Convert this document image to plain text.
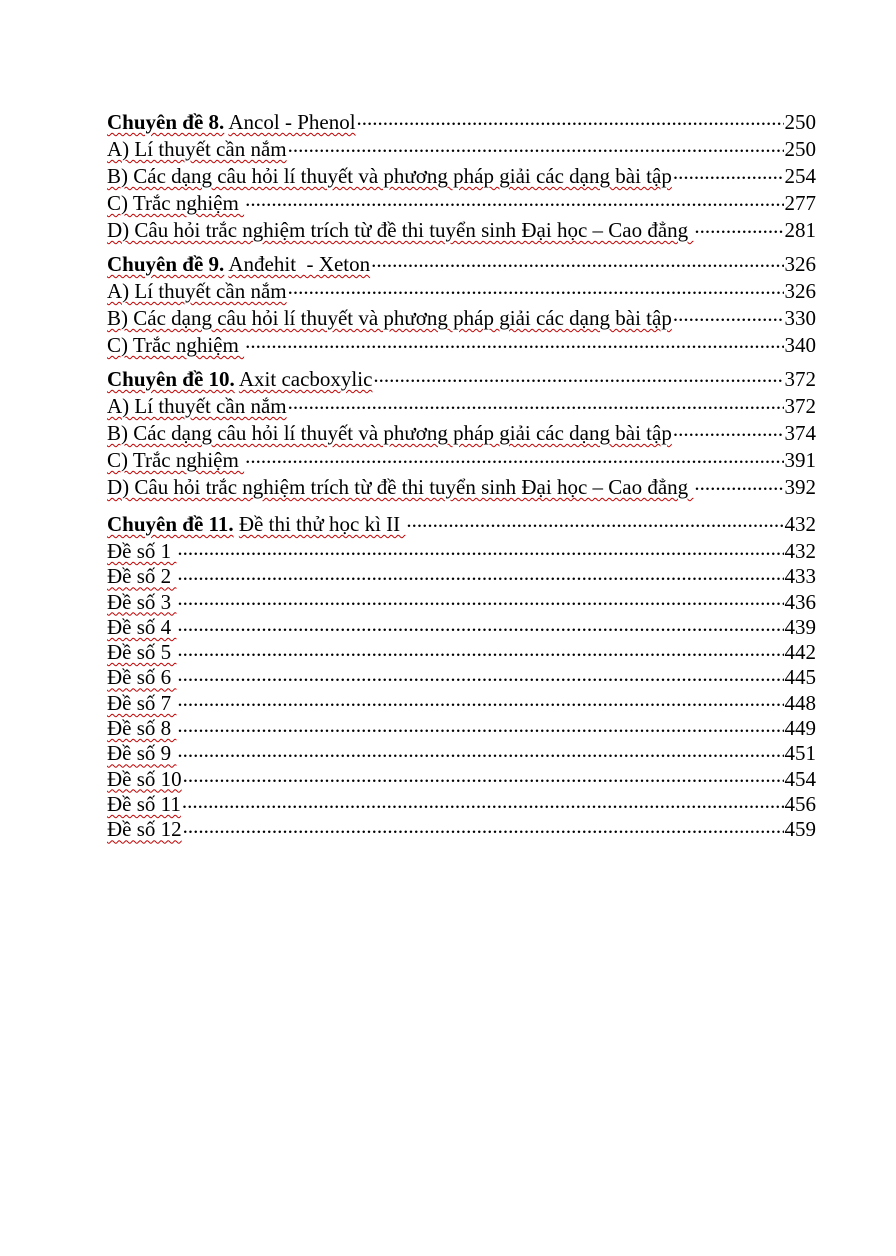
Chuyên đề 8. Ancol - Phenol .....	250
A) Lí thuyết cần nắm .....	250
B) Các dạng câu hỏi lí thuyết và phương pháp giải các dạng bài tập .....	254
C) Trắc nghiệm .....	277
D) Câu hỏi trắc nghiệm trích từ đề thi tuyển sinh Đại học – Cao đẳng .....	281
Chuyên đề 9. Anđehit  - Xeton .....	326
A) Lí thuyết cần nắm .....	326
B) Các dạng câu hỏi lí thuyết và phương pháp giải các dạng bài tập .....	330
C) Trắc nghiệm .....	340
Chuyên đề 10. Axit cacboxylic .....	372
A) Lí thuyết cần nắm .....	372
B) Các dạng câu hỏi lí thuyết và phương pháp giải các dạng bài tập .....	374
C) Trắc nghiệm .....	391
D) Câu hỏi trắc nghiệm trích từ đề thi tuyển sinh Đại học – Cao đẳng .....	392
Chuyên đề 11. Đề thi thử học kì II .....	432
Đề số 1 .....	432
Đề số 2 .....	433
Đề số 3 .....	436
Đề số 4 .....	439
Đề số 5 .....	442
Đề số 6 .....	445
Đề số 7 .....	448
Đề số 8 .....	449
Đề số 9 .....	451
Đề số 10 .....	454
Đề số 11 .....	456
Đề số 12 .....	459
